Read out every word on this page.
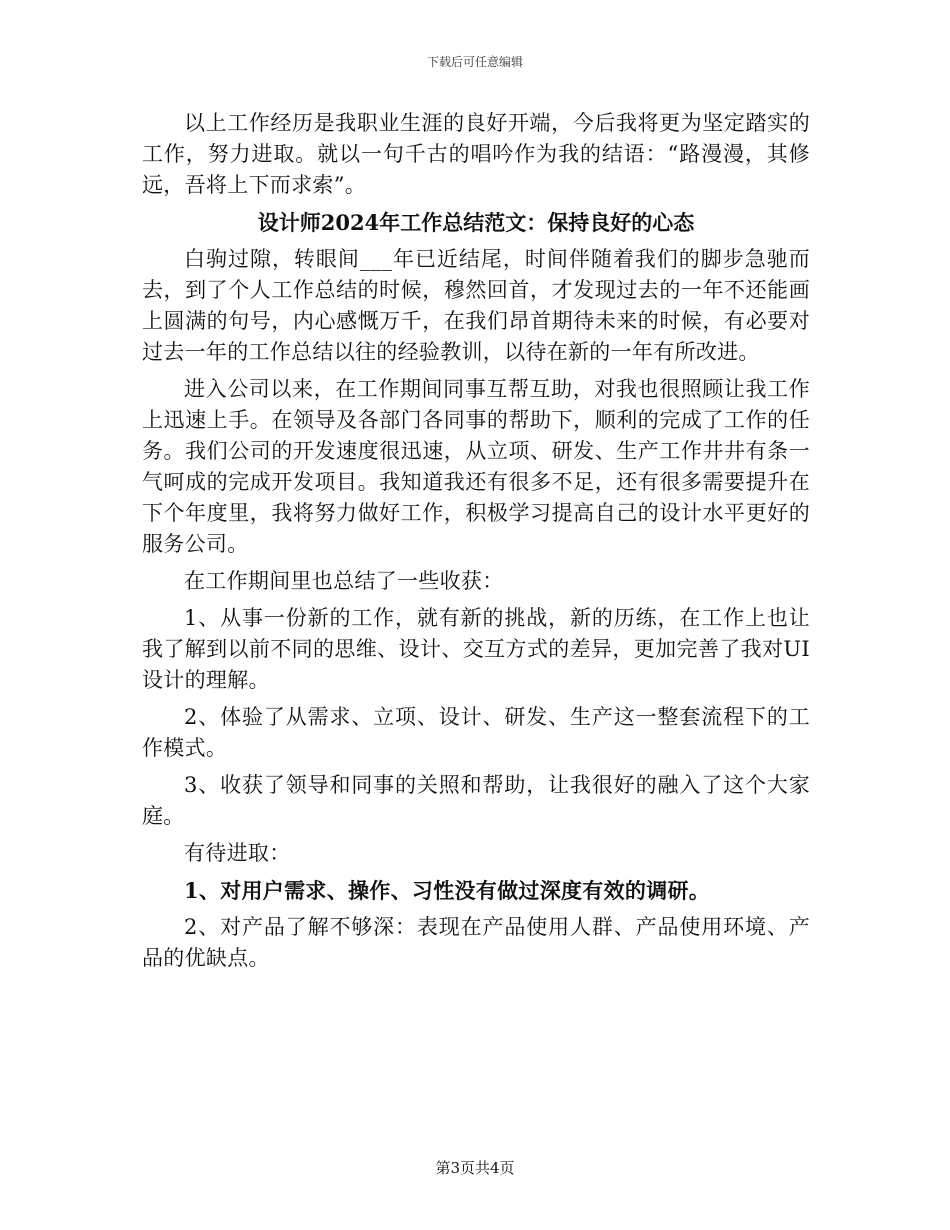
下载后可任意编辑

以上工作经历是我职业生涯的良好开端，今后我将更为坚定踏实的工作，努力进取。就以一句千古的唱吟作为我的结语：“路漫漫，其修远，吾将上下而求索”。

设计师2024年工作总结范文：保持良好的心态

白驹过隙，转眼间___年已近结尾，时间伴随着我们的脚步急驰而去，到了个人工作总结的时候，穆然回首，才发现过去的一年不还能画上圆满的句号，内心感慨万千，在我们昂首期待未来的时候，有必要对过去一年的工作总结以往的经验教训，以待在新的一年有所改进。

进入公司以来，在工作期间同事互帮互助，对我也很照顾让我工作上迅速上手。在领导及各部门各同事的帮助下，顺利的完成了工作的任务。我们公司的开发速度很迅速，从立项、研发、生产工作井井有条一气呵成的完成开发项目。我知道我还有很多不足，还有很多需要提升在下个年度里，我将努力做好工作，积极学习提高自己的设计水平更好的服务公司。

在工作期间里也总结了一些收获：

1、从事一份新的工作，就有新的挑战，新的历练，在工作上也让我了解到以前不同的思维、设计、交互方式的差异，更加完善了我对UI设计的理解。

2、体验了从需求、立项、设计、研发、生产这一整套流程下的工作模式。

3、收获了领导和同事的关照和帮助，让我很好的融入了这个大家庭。

有待进取：

1、对用户需求、操作、习性没有做过深度有效的调研。

2、对产品了解不够深：表现在产品使用人群、产品使用环境、产品的优缺点。

第3页共4页
